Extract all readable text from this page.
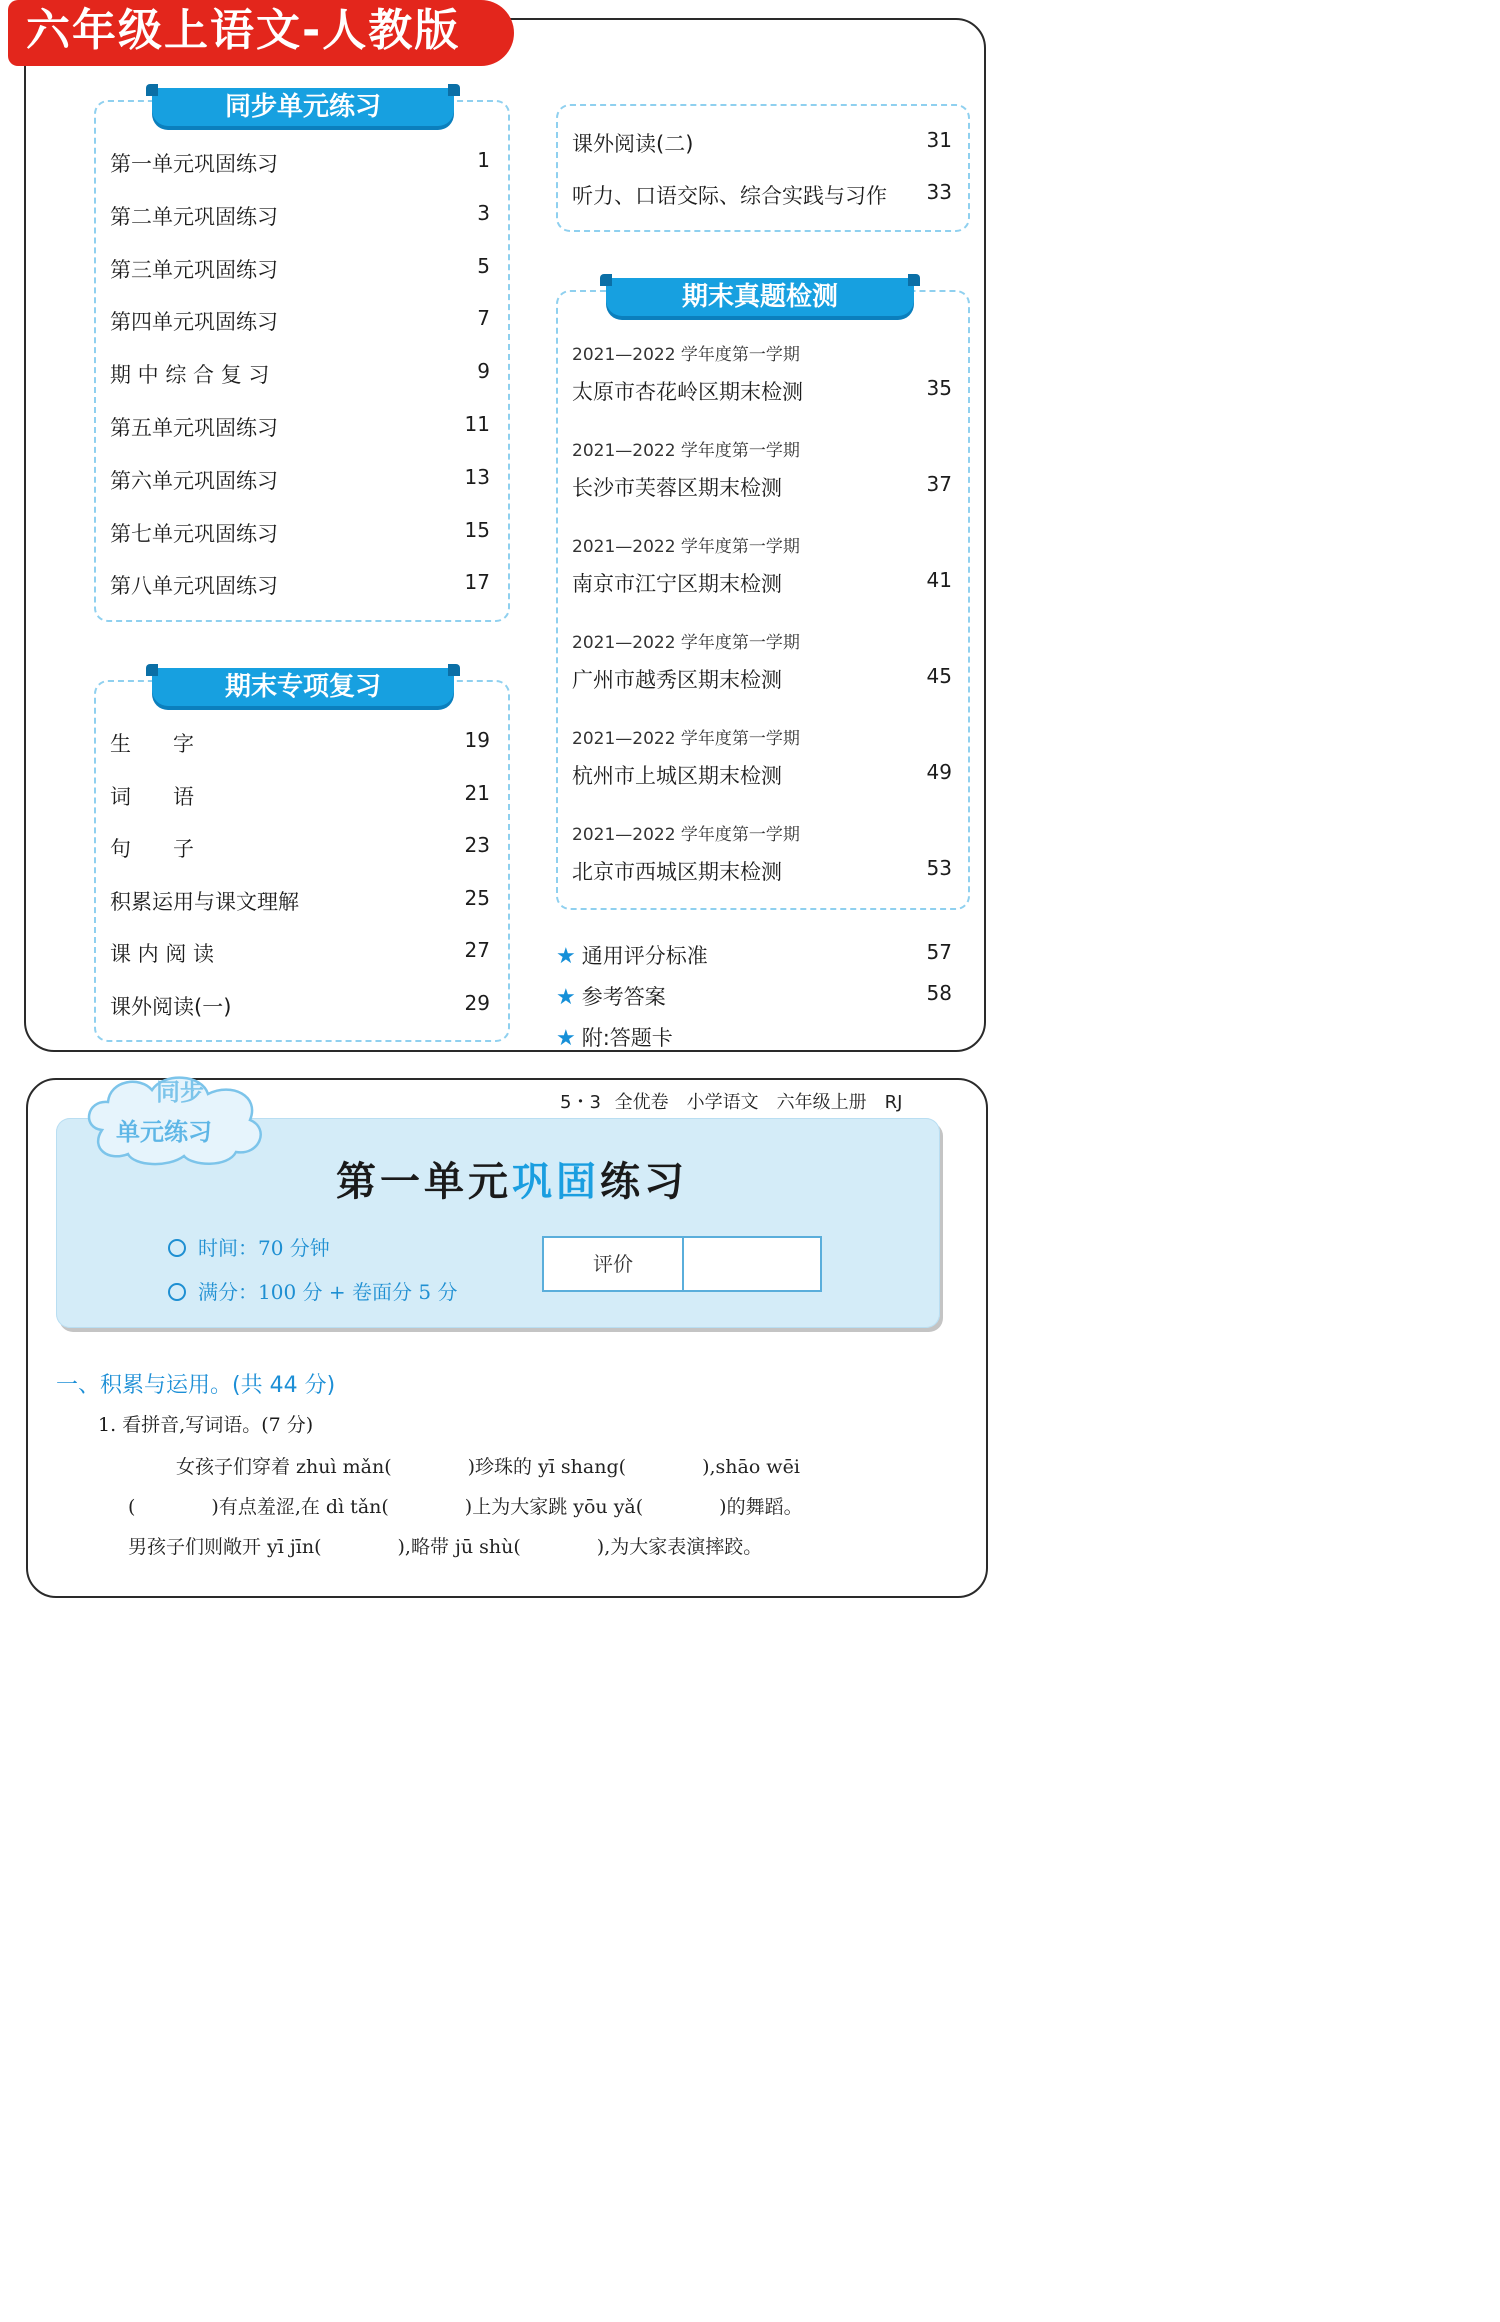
六年级上语文-人教版
同步单元练习
第一单元巩固练习	1
第二单元巩固练习	3
第三单元巩固练习	5
第四单元巩固练习	7
期 中 综 合 复 习	9
第五单元巩固练习	11
第六单元巩固练习	13
第七单元巩固练习	15
第八单元巩固练习	17
期末专项复习
生　　字	19
词　　语	21
句　　子	23
积累运用与课文理解	25
课 内 阅 读	27
课外阅读(一)	29
课外阅读(二)	31
听力、口语交际、综合实践与习作	33
期末真题检测
2021—2022 学年度第一学期
太原市杏花岭区期末检测	35
2021—2022 学年度第一学期
长沙市芙蓉区期末检测	37
2021—2022 学年度第一学期
南京市江宁区期末检测	41
2021—2022 学年度第一学期
广州市越秀区期末检测	45
2021—2022 学年度第一学期
杭州市上城区期末检测	49
2021—2022 学年度第一学期
北京市西城区期末检测	53
★ 通用评分标准	57
★ 参考答案	58
★ 附:答题卡
5・3 全优卷　小学语文　六年级上册　RJ
同步
单元练习
第一单元巩固练习
时间：70 分钟
满分：100 分 + 卷面分 5 分
评价
一、积累与运用。(共 44 分)
1. 看拼音,写词语。(7 分)
女孩子们穿着 zhuì mǎn(　　　　)珍珠的 yī shang(　　　　),shāo wēi
(　　　　)有点羞涩,在 dì tǎn(　　　　)上为大家跳 yōu yǎ(　　　　)的舞蹈。
男孩子们则敞开 yī jīn(　　　　),略带 jū shù(　　　　),为大家表演摔跤。
